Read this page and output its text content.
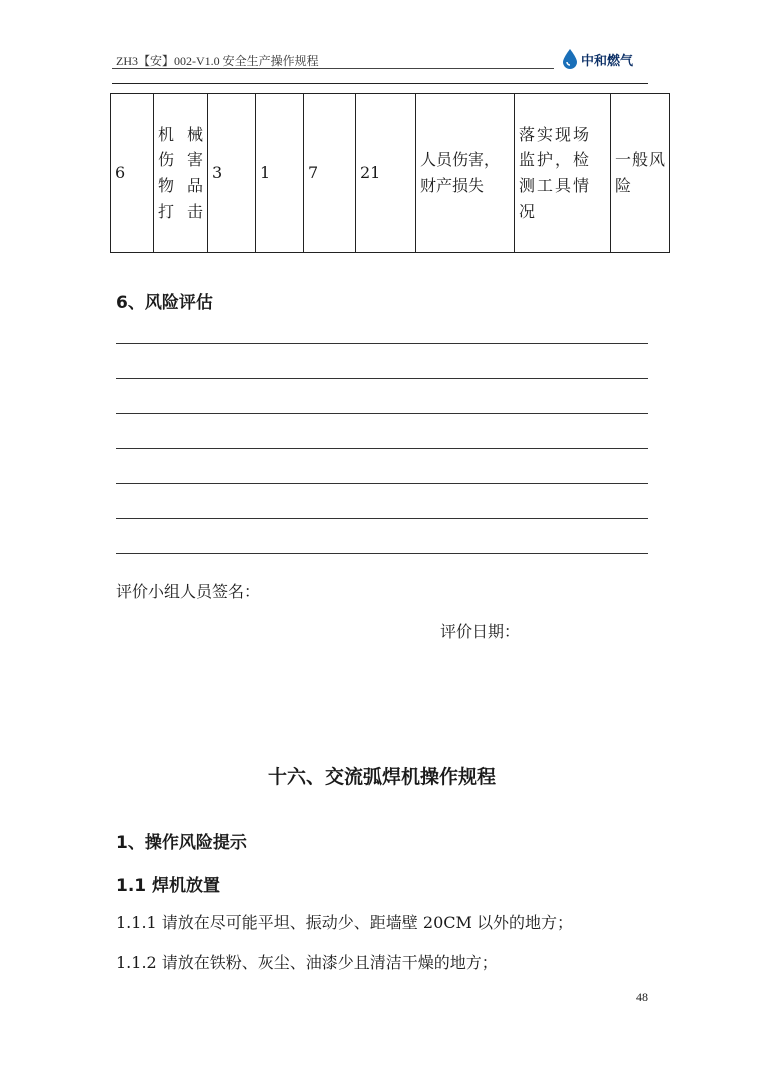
ZH3【安】002-V1.0 安全生产操作规程	中和燃气
6	机械伤害物品打击	3	1	7	21	人员伤害，财产损失	落实现场监护，检测工具情况	一般风险
6、风险评估
评价小组人员签名：
评价日期：
十六、交流弧焊机操作规程
1、操作风险提示
1.1 焊机放置
1.1.1 请放在尽可能平坦、振动少、距墙壁 20CM 以外的地方；
1.1.2 请放在铁粉、灰尘、油漆少且清洁干燥的地方；
48
